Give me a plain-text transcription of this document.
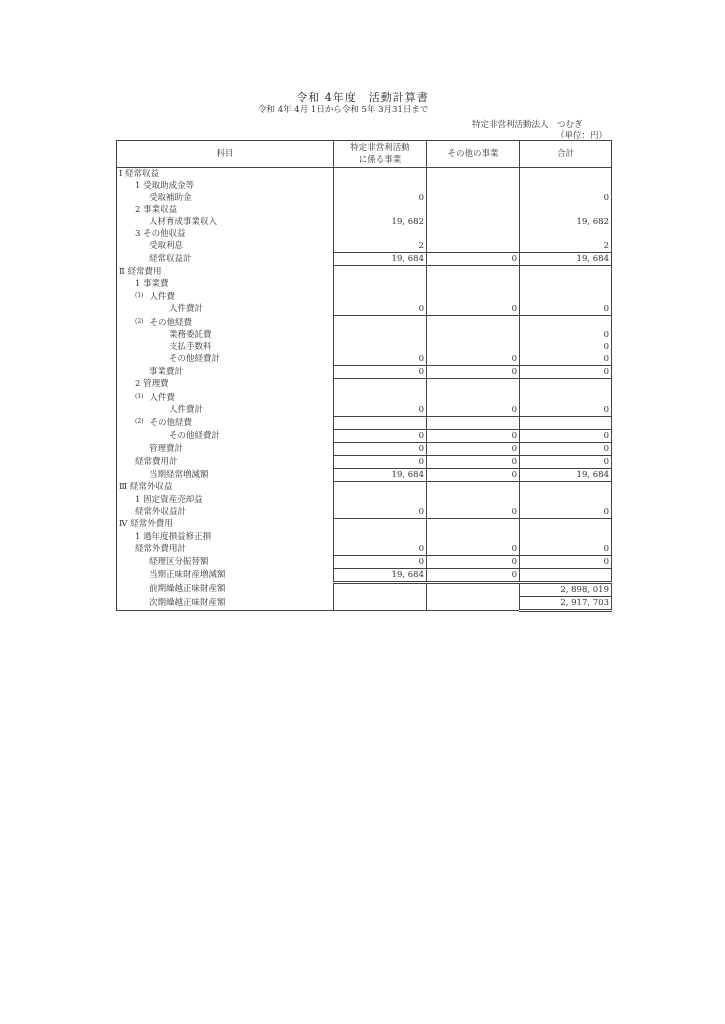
令和 4年度　活動計算書
令和 4年 4月 1日から令和 5年 3月31日まで
特定非営利活動法人　つむぎ
（単位：円）
科目	特定非営利活動
に係る事業	その他の事業	合計
Ⅰ 経常収益			
1 受取助成金等			
受取補助金	0		0
2 事業収益			
人材育成事業収入	19, 682		19, 682
3 その他収益			
受取利息	2		2
経常収益計	19, 684	0	19, 684
Ⅱ 経常費用			
1 事業費			
$^{(1)}$ 人件費			
人件費計	0	0	0
$^{(2)}$ その他経費			
業務委託費			0
支払手数料			0
その他経費計	0	0	0
事業費計	0	0	0
2 管理費			
$^{(1)}$ 人件費			
人件費計	0	0	0
$^{(2)}$ その他経費			
その他経費計	0	0	0
管理費計	0	0	0
経常費用計	0	0	0
当期経常増減額	19, 684	0	19, 684
Ⅲ 経常外収益			
1 固定資産売却益			
経常外収益計	0	0	0
Ⅳ 経常外費用			
1 過年度損益修正損			
経常外費用計	0	0	0
経理区分振替額	0	0	0
当期正味財産増減額	19, 684	0	
前期繰越正味財産額			2, 898, 019
次期繰越正味財産額			2, 917, 703
